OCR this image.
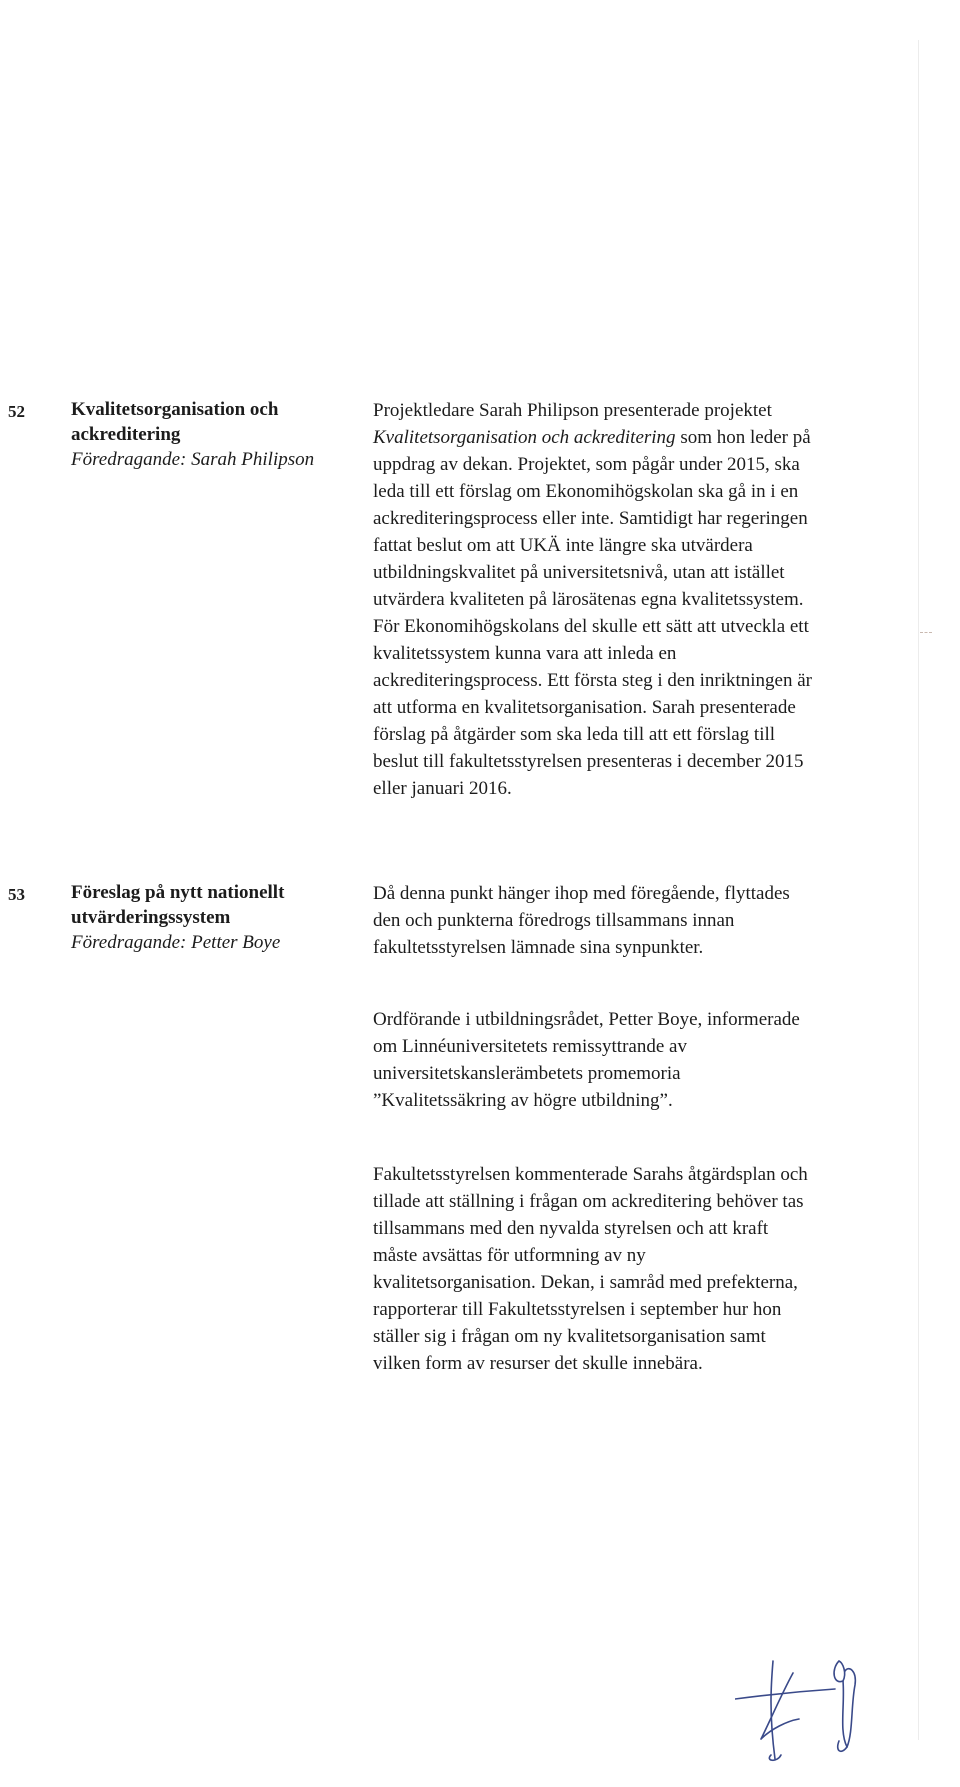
52 Kvalitetsorganisation och
ackreditering
Föredragande: Sarah Philipson

Projektledare Sarah Philipson presenterade projektet Kvalitetsorganisation och ackreditering som hon leder på uppdrag av dekan. Projektet, som pågår under 2015, ska leda till ett förslag om Ekonomihögskolan ska gå in i en ackrediteringsprocess eller inte. Samtidigt har regeringen fattat beslut om att UKÄ inte längre ska utvärdera utbildningskvalitet på universitetsnivå, utan att istället utvärdera kvaliteten på lärosätenas egna kvalitetssystem. För Ekonomihögskolans del skulle ett sätt att utveckla ett kvalitetssystem kunna vara att inleda en ackrediteringsprocess. Ett första steg i den inriktningen är att utforma en kvalitetsorganisation. Sarah presenterade förslag på åtgärder som ska leda till att ett förslag till beslut till fakultetsstyrelsen presenteras i december 2015 eller januari 2016.

53 Föreslag på nytt nationellt
utvärderingssystem
Föredragande: Petter Boye

Då denna punkt hänger ihop med föregående, flyttades den och punkterna föredrogs tillsammans innan fakultetsstyrelsen lämnade sina synpunkter.

Ordförande i utbildningsrådet, Petter Boye, informerade om Linnéuniversitetets remissyttrande av universitetskanslerämbetets promemoria ”Kvalitetssäkring av högre utbildning”.

Fakultetsstyrelsen kommenterade Sarahs åtgärdsplan och tillade att ställning i frågan om ackreditering behöver tas tillsammans med den nyvalda styrelsen och att kraft måste avsättas för utformning av ny kvalitetsorganisation. Dekan, i samråd med prefekterna, rapporterar till Fakultetsstyrelsen i september hur hon ställer sig i frågan om ny kvalitetsorganisation samt vilken form av resurser det skulle innebära.
